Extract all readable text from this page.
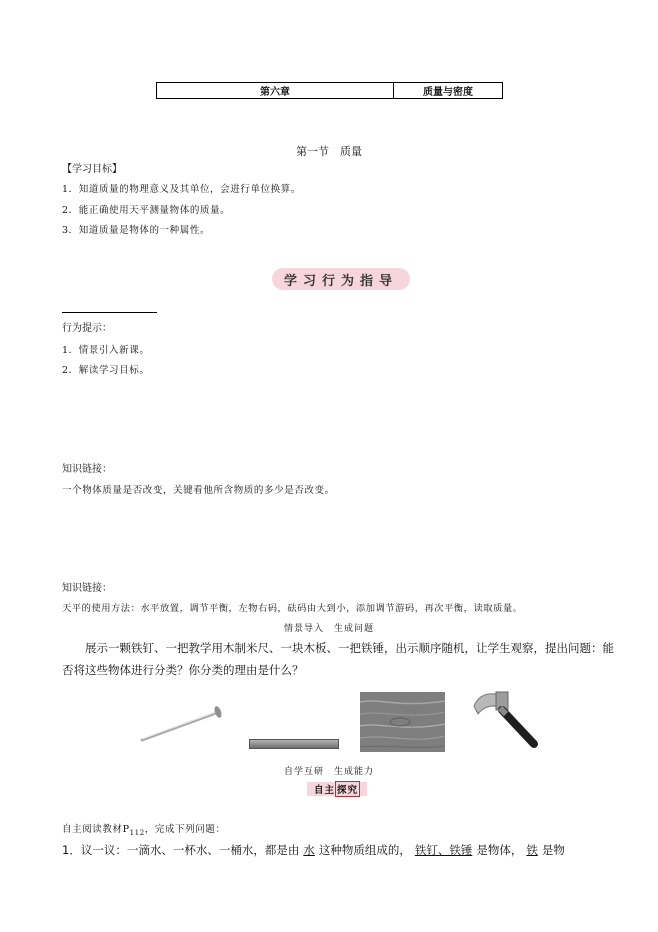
第六章	质量与密度
第一节　质量
【学习目标】
1．知道质量的物理意义及其单位，会进行单位换算。
2．能正确使用天平测量物体的质量。
3．知道质量是物体的一种属性。
学习行为指导
行为提示：
1．情景引入新课。
2．解读学习目标。
知识链接：
一个物体质量是否改变，关键看他所含物质的多少是否改变。
知识链接：
天平的使用方法：水平放置，调节平衡，左物右码，砝码由大到小，添加调节游码，再次平衡，读取质量。
情景导入　生成问题
展示一颗铁钉、一把教学用木制米尺、一块木板、一把铁锤，出示顺序随机，让学生观察，提出问题：能否将这些物体进行分类？你分类的理由是什么？
自学互研　生成能力
自主 探究
自主阅读教材$P_{112}$，完成下列问题：
1．议一议：一滴水、一杯水、一桶水，都是由 水 这种物质组成的， 铁钉、铁锤 是物体， 铁 是物
